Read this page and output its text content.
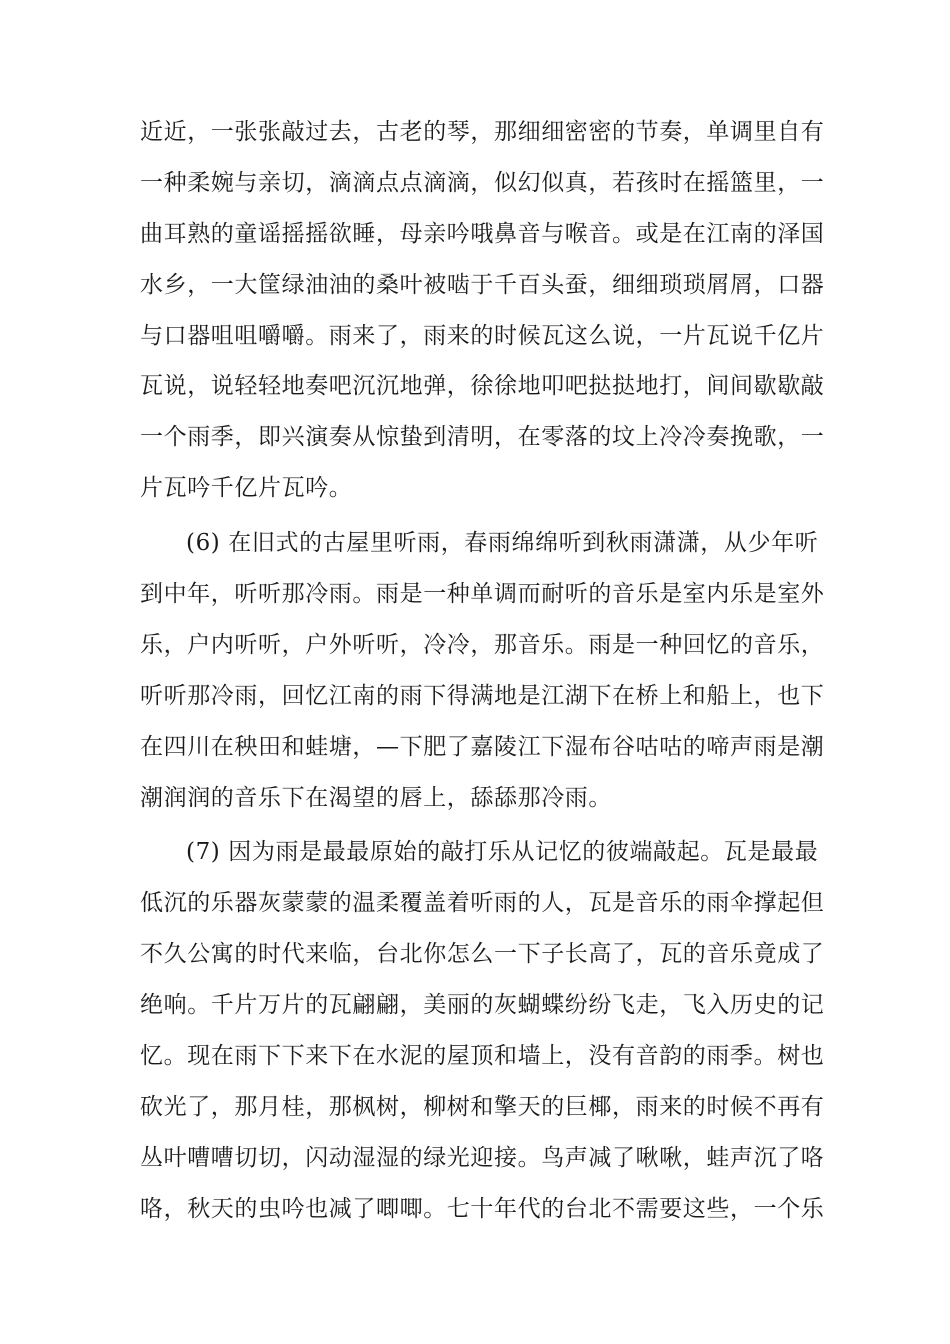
近近，一张张敲过去，古老的琴，那细细密密的节奏，单调里自有
一种柔婉与亲切，滴滴点点滴滴，似幻似真，若孩时在摇篮里，一
曲耳熟的童谣摇摇欲睡，母亲吟哦鼻音与喉音。或是在江南的泽国
水乡，一大筐绿油油的桑叶被啮于千百头蚕，细细琐琐屑屑，口器
与口器咀咀嚼嚼。雨来了，雨来的时候瓦这么说，一片瓦说千亿片
瓦说，说轻轻地奏吧沉沉地弹，徐徐地叩吧挞挞地打，间间歇歇敲
一个雨季，即兴演奏从惊蛰到清明，在零落的坟上冷冷奏挽歌，一
片瓦吟千亿片瓦吟。
(6) 在旧式的古屋里听雨，春雨绵绵听到秋雨潇潇，从少年听
到中年，听听那冷雨。雨是一种单调而耐听的音乐是室内乐是室外
乐，户内听听，户外听听，冷冷，那音乐。雨是一种回忆的音乐，
听听那冷雨，回忆江南的雨下得满地是江湖下在桥上和船上，也下
在四川在秧田和蛙塘，—下肥了嘉陵江下湿布谷咕咕的啼声雨是潮
潮润润的音乐下在渴望的唇上，舔舔那冷雨。
(7) 因为雨是最最原始的敲打乐从记忆的彼端敲起。瓦是最最
低沉的乐器灰蒙蒙的温柔覆盖着听雨的人，瓦是音乐的雨伞撑起但
不久公寓的时代来临，台北你怎么一下子长高了，瓦的音乐竟成了
绝响。千片万片的瓦翩翩，美丽的灰蝴蝶纷纷飞走，飞入历史的记
忆。现在雨下下来下在水泥的屋顶和墙上，没有音韵的雨季。树也
砍光了，那月桂，那枫树，柳树和擎天的巨椰，雨来的时候不再有
丛叶嘈嘈切切，闪动湿湿的绿光迎接。鸟声减了啾啾，蛙声沉了咯
咯，秋天的虫吟也减了唧唧。七十年代的台北不需要这些，一个乐
